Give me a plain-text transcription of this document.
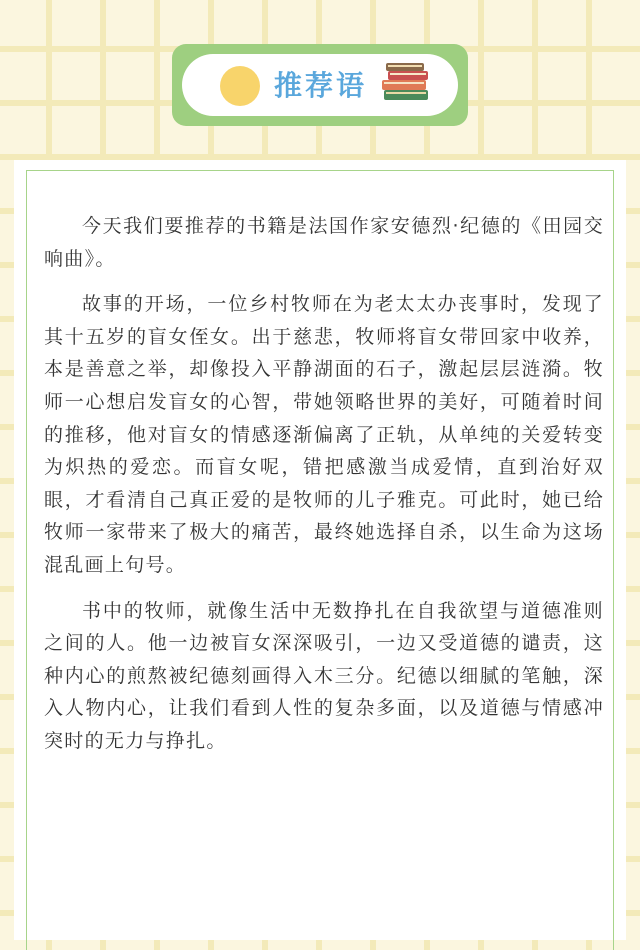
推荐语

今天我们要推荐的书籍是法国作家安德烈·纪德的《田园交响曲》。

故事的开场，一位乡村牧师在为老太太办丧事时，发现了其十五岁的盲女侄女。出于慈悲，牧师将盲女带回家中收养，本是善意之举，却像投入平静湖面的石子，激起层层涟漪。牧师一心想启发盲女的心智，带她领略世界的美好，可随着时间的推移，他对盲女的情感逐渐偏离了正轨，从单纯的关爱转变为炽热的爱恋。而盲女呢，错把感激当成爱情，直到治好双眼，才看清自己真正爱的是牧师的儿子雅克。可此时，她已给牧师一家带来了极大的痛苦，最终她选择自杀，以生命为这场混乱画上句号。

书中的牧师，就像生活中无数挣扎在自我欲望与道德准则之间的人。他一边被盲女深深吸引，一边又受道德的谴责，这种内心的煎熬被纪德刻画得入木三分。纪德以细腻的笔触，深入人物内心，让我们看到人性的复杂多面，以及道德与情感冲突时的无力与挣扎。
